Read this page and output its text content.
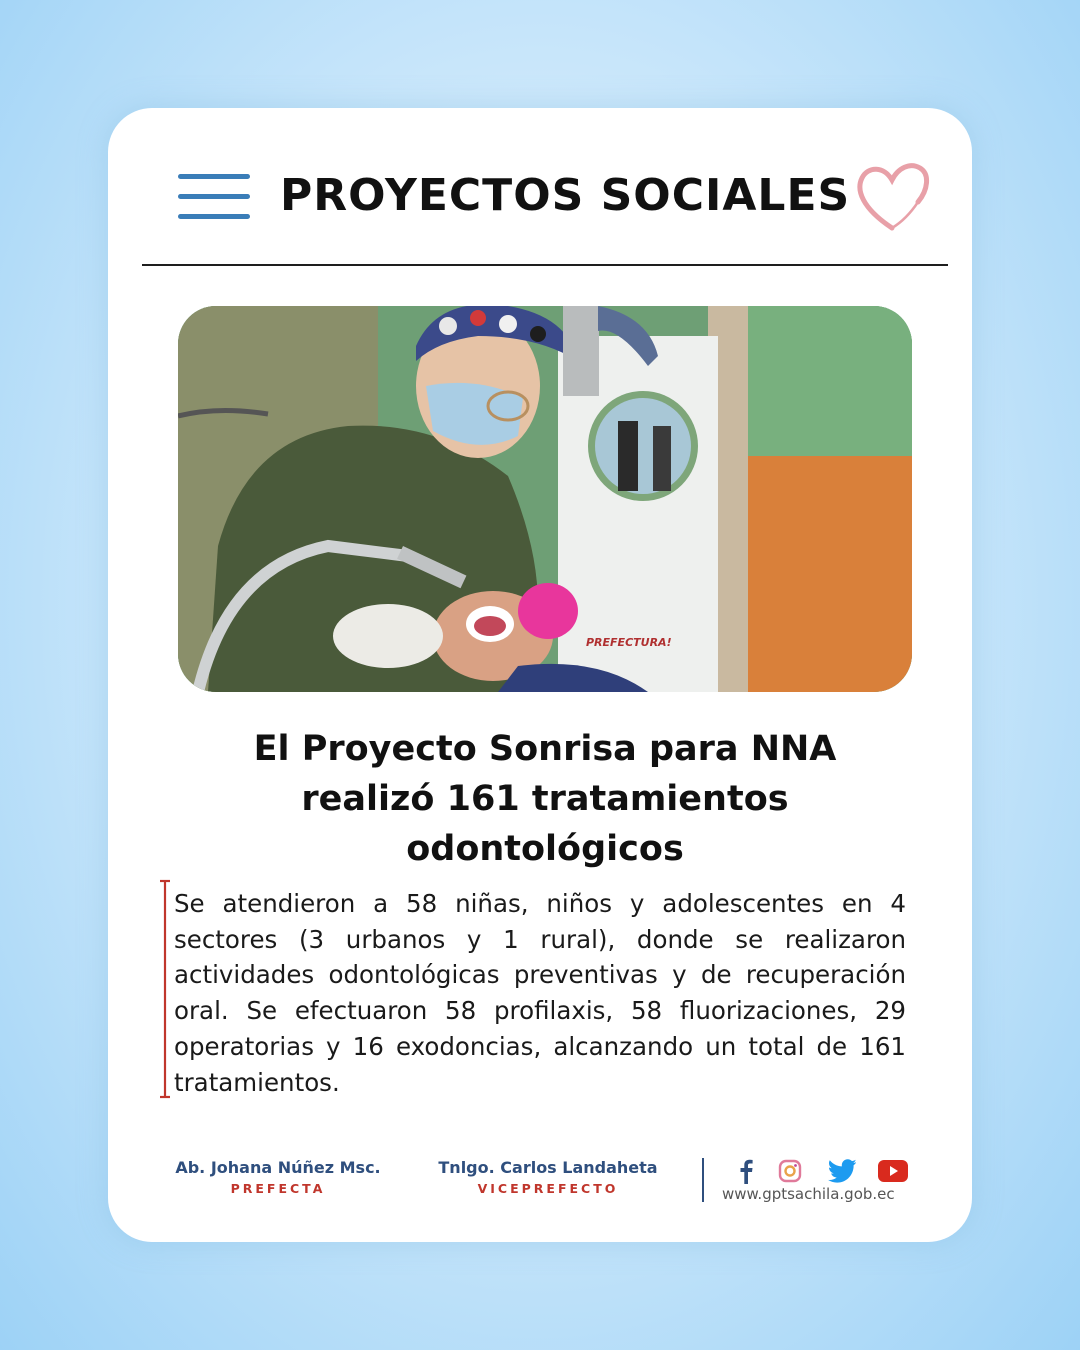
PROYECTOS SOCIALES
PREFECTURA!
El Proyecto Sonrisa para NNA
realizó 161 tratamientos
odontológicos
Se atendieron a 58 niñas, niños y adolescentes en 4 sectores (3 urbanos y 1 rural), donde se realizaron actividades odontológicas preventivas y de recuperación oral. Se efectuaron 58 profilaxis, 58 fluorizaciones, 29 operatorias y 16 exodoncias, alcanzando un total de 161 tratamientos.
Ab. Johana Núñez Msc.
PREFECTA
Tnlgo. Carlos Landaheta
VICEPREFECTO	www.gptsachila.gob.ec
